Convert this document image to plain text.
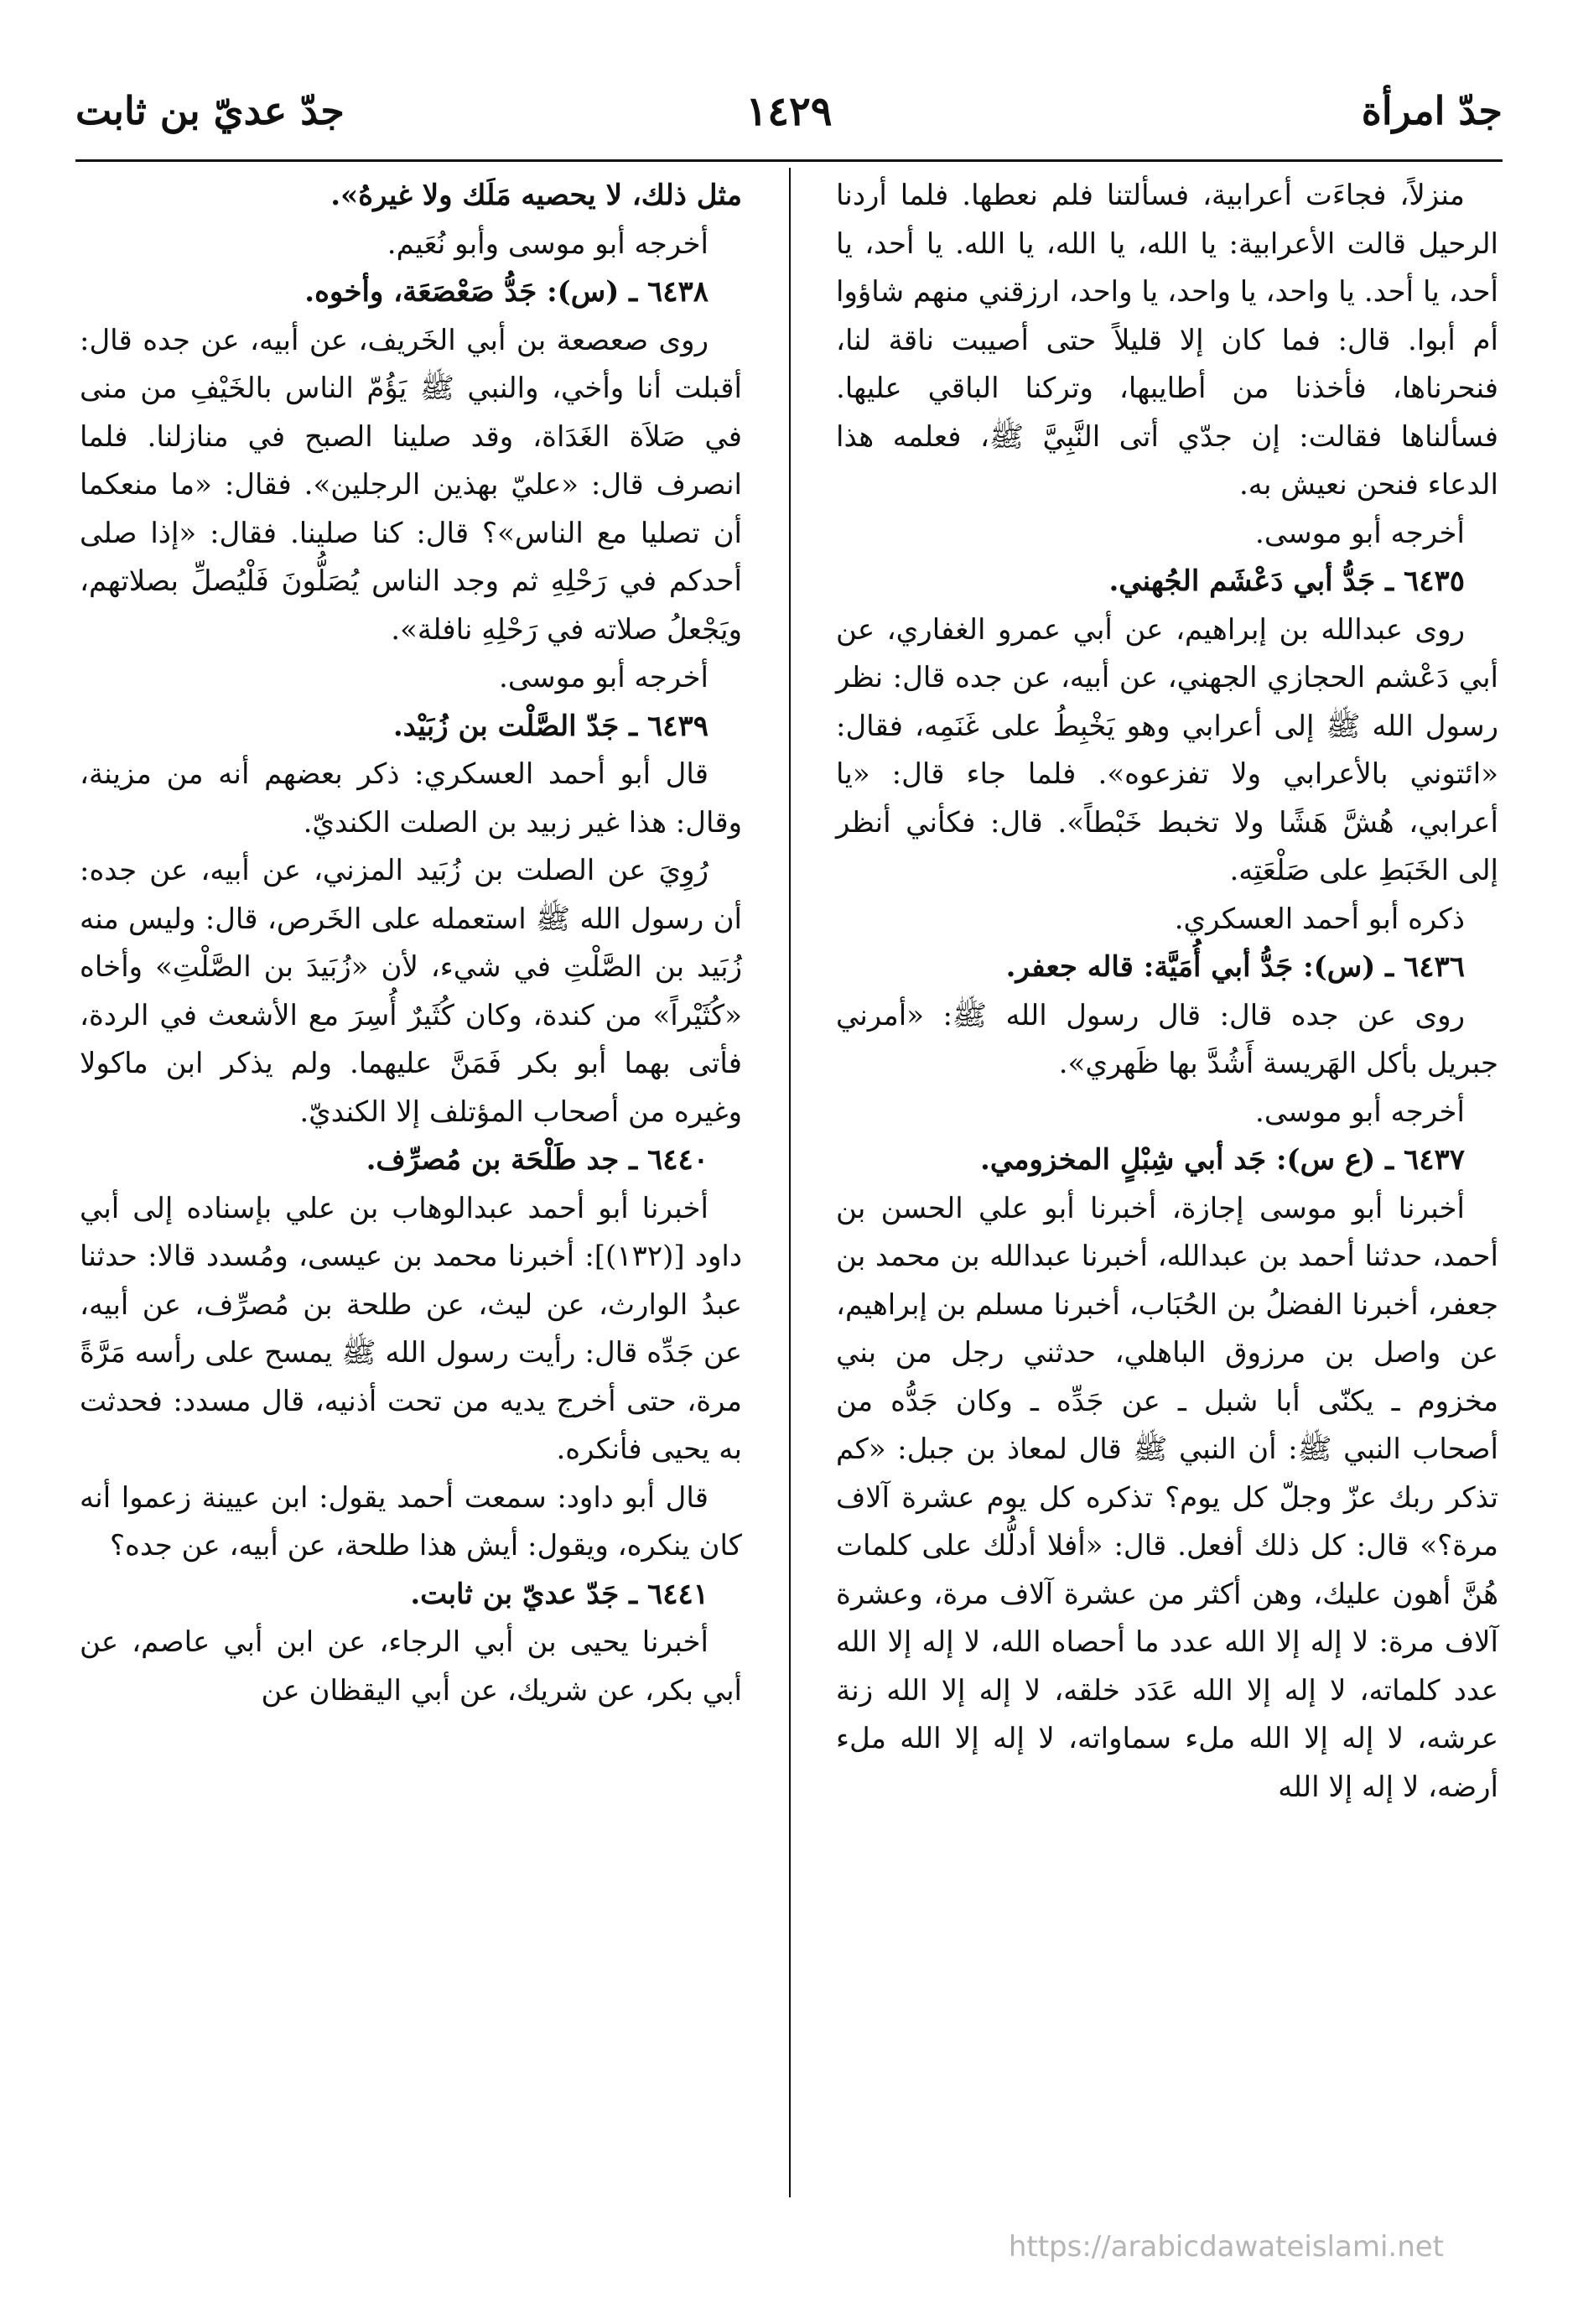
جدّ امرأة
١٤٢٩
جدّ عديّ بن ثابت

منزلاً، فجاءَت أعرابية، فسألتنا فلم نعطها. فلما أردنا الرحيل قالت الأعرابية: يا الله، يا الله، يا الله. يا أحد، يا أحد، يا أحد. يا واحد، يا واحد، يا واحد، ارزقني منهم شاؤوا أم أبوا. قال: فما كان إلا قليلاً حتى أصيبت ناقة لنا، فنحرناها، فأخذنا من أطايبها، وتركنا الباقي عليها. فسألناها فقالت: إن جدّي أتى النَّبِيَّ ﷺ، فعلمه هذا الدعاء فنحن نعيش به.

أخرجه أبو موسى.

٦٤٣٥ ـ جَدُّ أبي دَعْشَم الجُهني.

روى عبدالله بن إبراهيم، عن أبي عمرو الغفاري، عن أبي دَعْشم الحجازي الجهني، عن أبيه، عن جده قال: نظر رسول الله ﷺ إلى أعرابي وهو يَخْبِطُ على غَنَمِه، فقال: «ائتوني بالأعرابي ولا تفزعوه». فلما جاء قال: «يا أعرابي، هُشَّ هَشًا ولا تخبط خَبْطاً». قال: فكأني أنظر إلى الخَبَطِ على صَلْعَتِه.

ذكره أبو أحمد العسكري.

٦٤٣٦ ـ (س): جَدُّ أبي أُمَيَّة: قاله جعفر.

روى عن جده قال: قال رسول الله ﷺ: «أمرني جبريل بأكل الهَريسة أَشُدَّ بها ظَهري».

أخرجه أبو موسى.

٦٤٣٧ ـ (ع س): جَد أبي شِبْلٍ المخزومي.

أخبرنا أبو موسى إجازة، أخبرنا أبو علي الحسن بن أحمد، حدثنا أحمد بن عبدالله، أخبرنا عبدالله بن محمد بن جعفر، أخبرنا الفضلُ بن الحُبَاب، أخبرنا مسلم بن إبراهيم، عن واصل بن مرزوق الباهلي، حدثني رجل من بني مخزوم ـ يكنّى أبا شبل ـ عن جَدِّه ـ وكان جَدُّه من أصحاب النبي ﷺ: أن النبي ﷺ قال لمعاذ بن جبل: «كم تذكر ربك عزّ وجلّ كل يوم؟ تذكره كل يوم عشرة آلاف مرة؟» قال: كل ذلك أفعل. قال: «أفلا أدلُّك على كلمات هُنَّ أهون عليك، وهن أكثر من عشرة آلاف مرة، وعشرة آلاف مرة: لا إله إلا الله عدد ما أحصاه الله، لا إله إلا الله عدد كلماته، لا إله إلا الله عَدَد خلقه، لا إله إلا الله زنة عرشه، لا إله إلا الله ملء سماواته، لا إله إلا الله ملء أرضه، لا إله إلا الله

مثل ذلك، لا يحصيه مَلَك ولا غيرهُ».

أخرجه أبو موسى وأبو نُعَيم.

٦٤٣٨ ـ (س): جَدُّ صَعْصَعَة، وأخوه.

روى صعصعة بن أبي الخَريف، عن أبيه، عن جده قال: أقبلت أنا وأخي، والنبي ﷺ يَؤُمّ الناس بالخَيْفِ من منى في صَلاَة الغَدَاة، وقد صلينا الصبح في منازلنا. فلما انصرف قال: «عليّ بهذين الرجلين». فقال: «ما منعكما أن تصليا مع الناس»؟ قال: كنا صلينا. فقال: «إذا صلى أحدكم في رَحْلِهِ ثم وجد الناس يُصَلُّونَ فَلْيُصلِّ بصلاتهم، ويَجْعلُ صلاته في رَحْلِهِ نافلة».

أخرجه أبو موسى.

٦٤٣٩ ـ جَدّ الصَّلْت بن زُبَيْد.

قال أبو أحمد العسكري: ذكر بعضهم أنه من مزينة، وقال: هذا غير زبيد بن الصلت الكنديّ.

رُوِيَ عن الصلت بن زُبَيد المزني، عن أبيه، عن جده: أن رسول الله ﷺ استعمله على الخَرص، قال: وليس منه زُبَيد بن الصَّلْتِ في شيء، لأن «زُبَيدَ بن الصَّلْتِ» وأخاه «كُثَيْراً» من كندة، وكان كُثَيرٌ أُسِرَ مع الأشعث في الردة، فأتى بهما أبو بكر فَمَنَّ عليهما. ولم يذكر ابن ماكولا وغيره من أصحاب المؤتلف إلا الكنديّ.

٦٤٤٠ ـ جد طَلْحَة بن مُصرِّف.

أخبرنا أبو أحمد عبدالوهاب بن علي بإسناده إلى أبي داود [(١٣٢)]: أخبرنا محمد بن عيسى، ومُسدد قالا: حدثنا عبدُ الوارث، عن ليث، عن طلحة بن مُصرِّف، عن أبيه، عن جَدِّه قال: رأيت رسول الله ﷺ يمسح على رأسه مَرَّةً مرة، حتى أخرج يديه من تحت أذنيه، قال مسدد: فحدثت به يحيى فأنكره.

قال أبو داود: سمعت أحمد يقول: ابن عيينة زعموا أنه كان ينكره، ويقول: أيش هذا طلحة، عن أبيه، عن جده؟

٦٤٤١ ـ جَدّ عديّ بن ثابت.

أخبرنا يحيى بن أبي الرجاء، عن ابن أبي عاصم، عن أبي بكر، عن شريك، عن أبي اليقظان عن

https://arabicdawateislami.net
